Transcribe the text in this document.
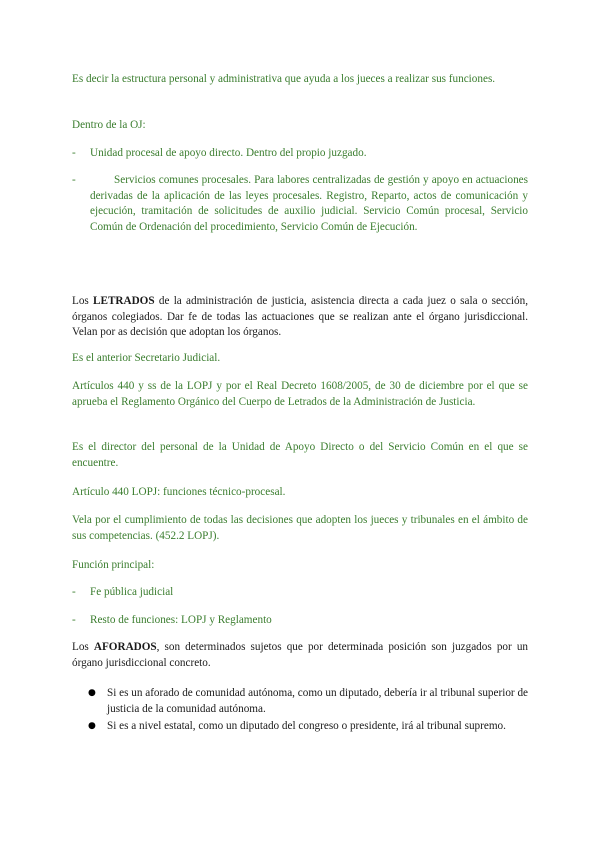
Es decir la estructura personal y administrativa que ayuda a los jueces a realizar sus funciones.

Dentro de la OJ:

- Unidad procesal de apoyo directo. Dentro del propio juzgado.
-	Servicios comunes procesales. Para labores centralizadas de gestión y apoyo en actuaciones derivadas de la aplicación de las leyes procesales. Registro, Reparto, actos de comunicación y ejecución, tramitación de solicitudes de auxilio judicial. Servicio Común procesal, Servicio Común de Ordenación del procedimiento, Servicio Común de Ejecución.

Los LETRADOS de la administración de justicia, asistencia directa a cada juez o sala o sección, órganos colegiados. Dar fe de todas las actuaciones que se realizan ante el órgano jurisdiccional. Velan por as decisión que adoptan los órganos.

Es el anterior Secretario Judicial.

Artículos 440 y ss de la LOPJ y por el Real Decreto 1608/2005, de 30 de diciembre por el que se aprueba el Reglamento Orgánico del Cuerpo de Letrados de la Administración de Justicia.

Es el director del personal de la Unidad de Apoyo Directo o del Servicio Común en el que se encuentre.

Artículo 440 LOPJ: funciones técnico-procesal.

Vela por el cumplimiento de todas las decisiones que adopten los jueces y tribunales en el ámbito de sus competencias. (452.2 LOPJ).

Función principal:

- Fe pública judicial
- Resto de funciones: LOPJ y Reglamento

Los AFORADOS, son determinados sujetos que por determinada posición son juzgados por un órgano jurisdiccional concreto.

● Si es un aforado de comunidad autónoma, como un diputado, debería ir al tribunal superior de justicia de la comunidad autónoma.
● Si es a nivel estatal, como un diputado del congreso o presidente, irá al tribunal supremo.
